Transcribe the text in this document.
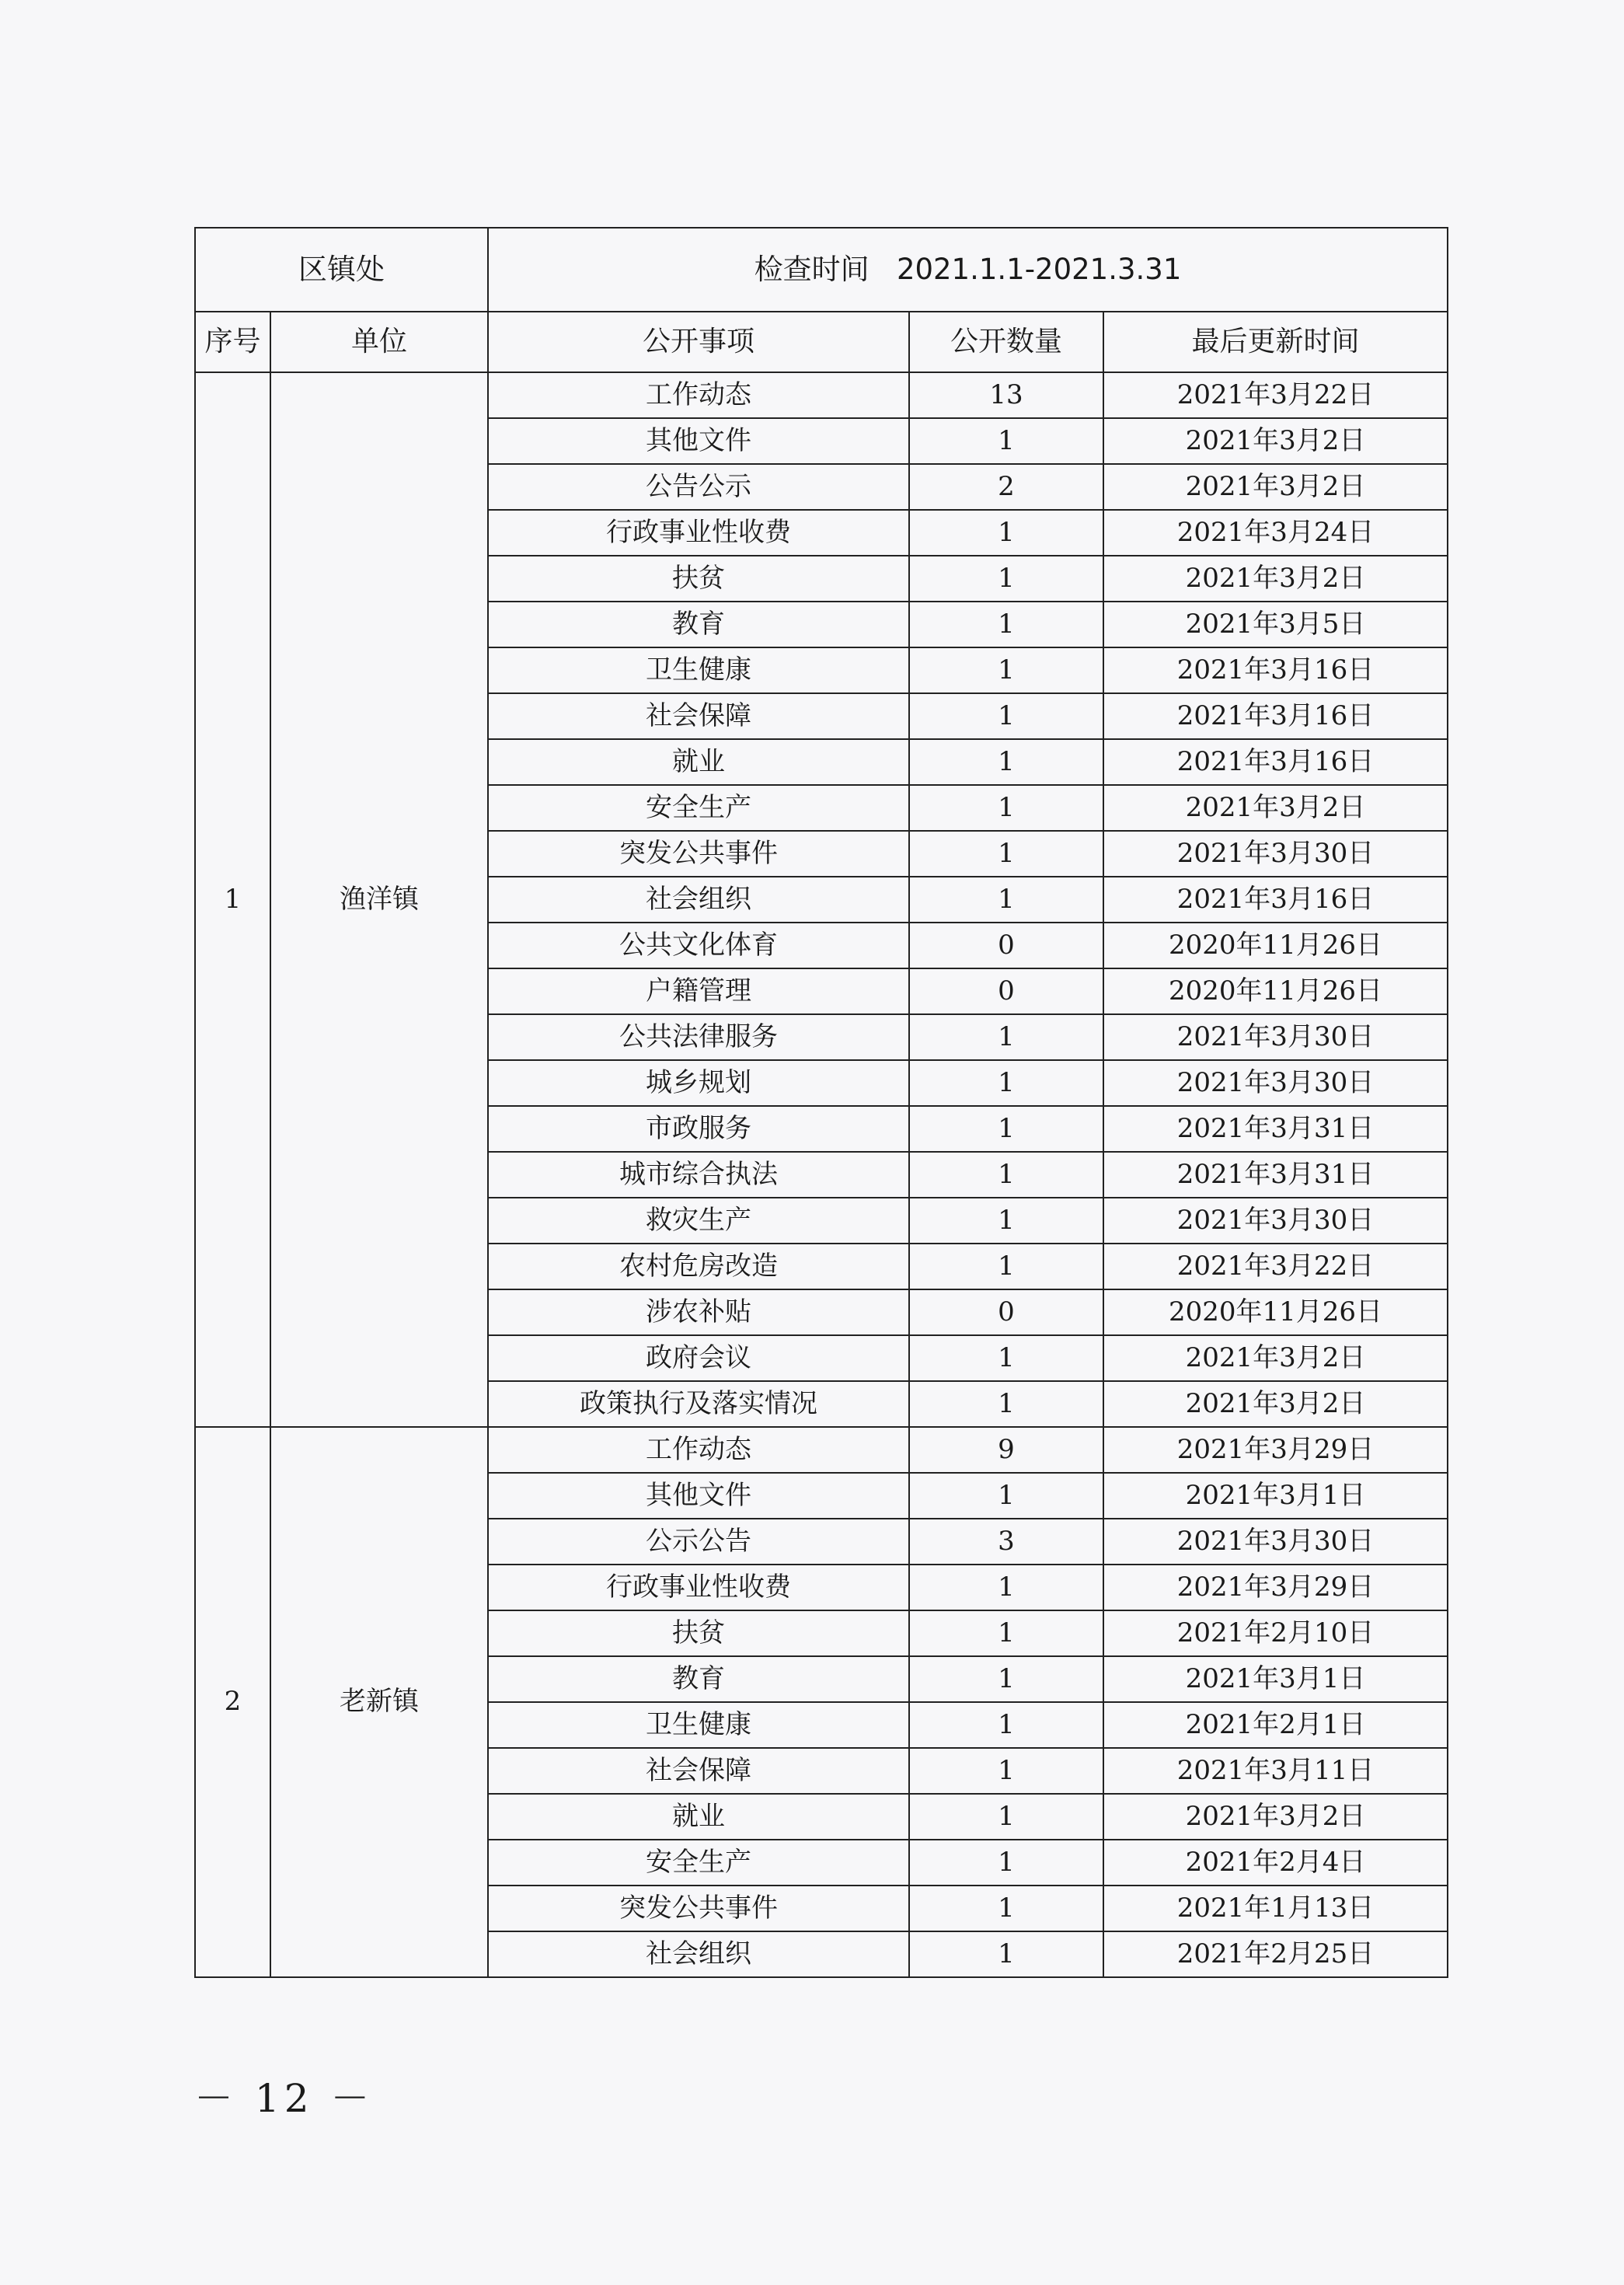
区镇处		检查时间 2021.1.1-2021.3.31		
序号	单位	公开事项	公开数量	最后更新时间
1	渔洋镇	工作动态	13	2021年3月22日
		其他文件	1	2021年3月2日
		公告公示	2	2021年3月2日
		行政事业性收费	1	2021年3月24日
		扶贫	1	2021年3月2日
		教育	1	2021年3月5日
		卫生健康	1	2021年3月16日
		社会保障	1	2021年3月16日
		就业	1	2021年3月16日
		安全生产	1	2021年3月2日
		突发公共事件	1	2021年3月30日
		社会组织	1	2021年3月16日
		公共文化体育	0	2020年11月26日
		户籍管理	0	2020年11月26日
		公共法律服务	1	2021年3月30日
		城乡规划	1	2021年3月30日
		市政服务	1	2021年3月31日
		城市综合执法	1	2021年3月31日
		救灾生产	1	2021年3月30日
		农村危房改造	1	2021年3月22日
		涉农补贴	0	2020年11月26日
		政府会议	1	2021年3月2日
		政策执行及落实情况	1	2021年3月2日
2	老新镇	工作动态	9	2021年3月29日
		其他文件	1	2021年3月1日
		公示公告	3	2021年3月30日
		行政事业性收费	1	2021年3月29日
		扶贫	1	2021年2月10日
		教育	1	2021年3月1日
		卫生健康	1	2021年2月1日
		社会保障	1	2021年3月11日
		就业	1	2021年3月2日
		安全生产	1	2021年2月4日
		突发公共事件	1	2021年1月13日
		社会组织	1	2021年2月25日
－ 12 －
